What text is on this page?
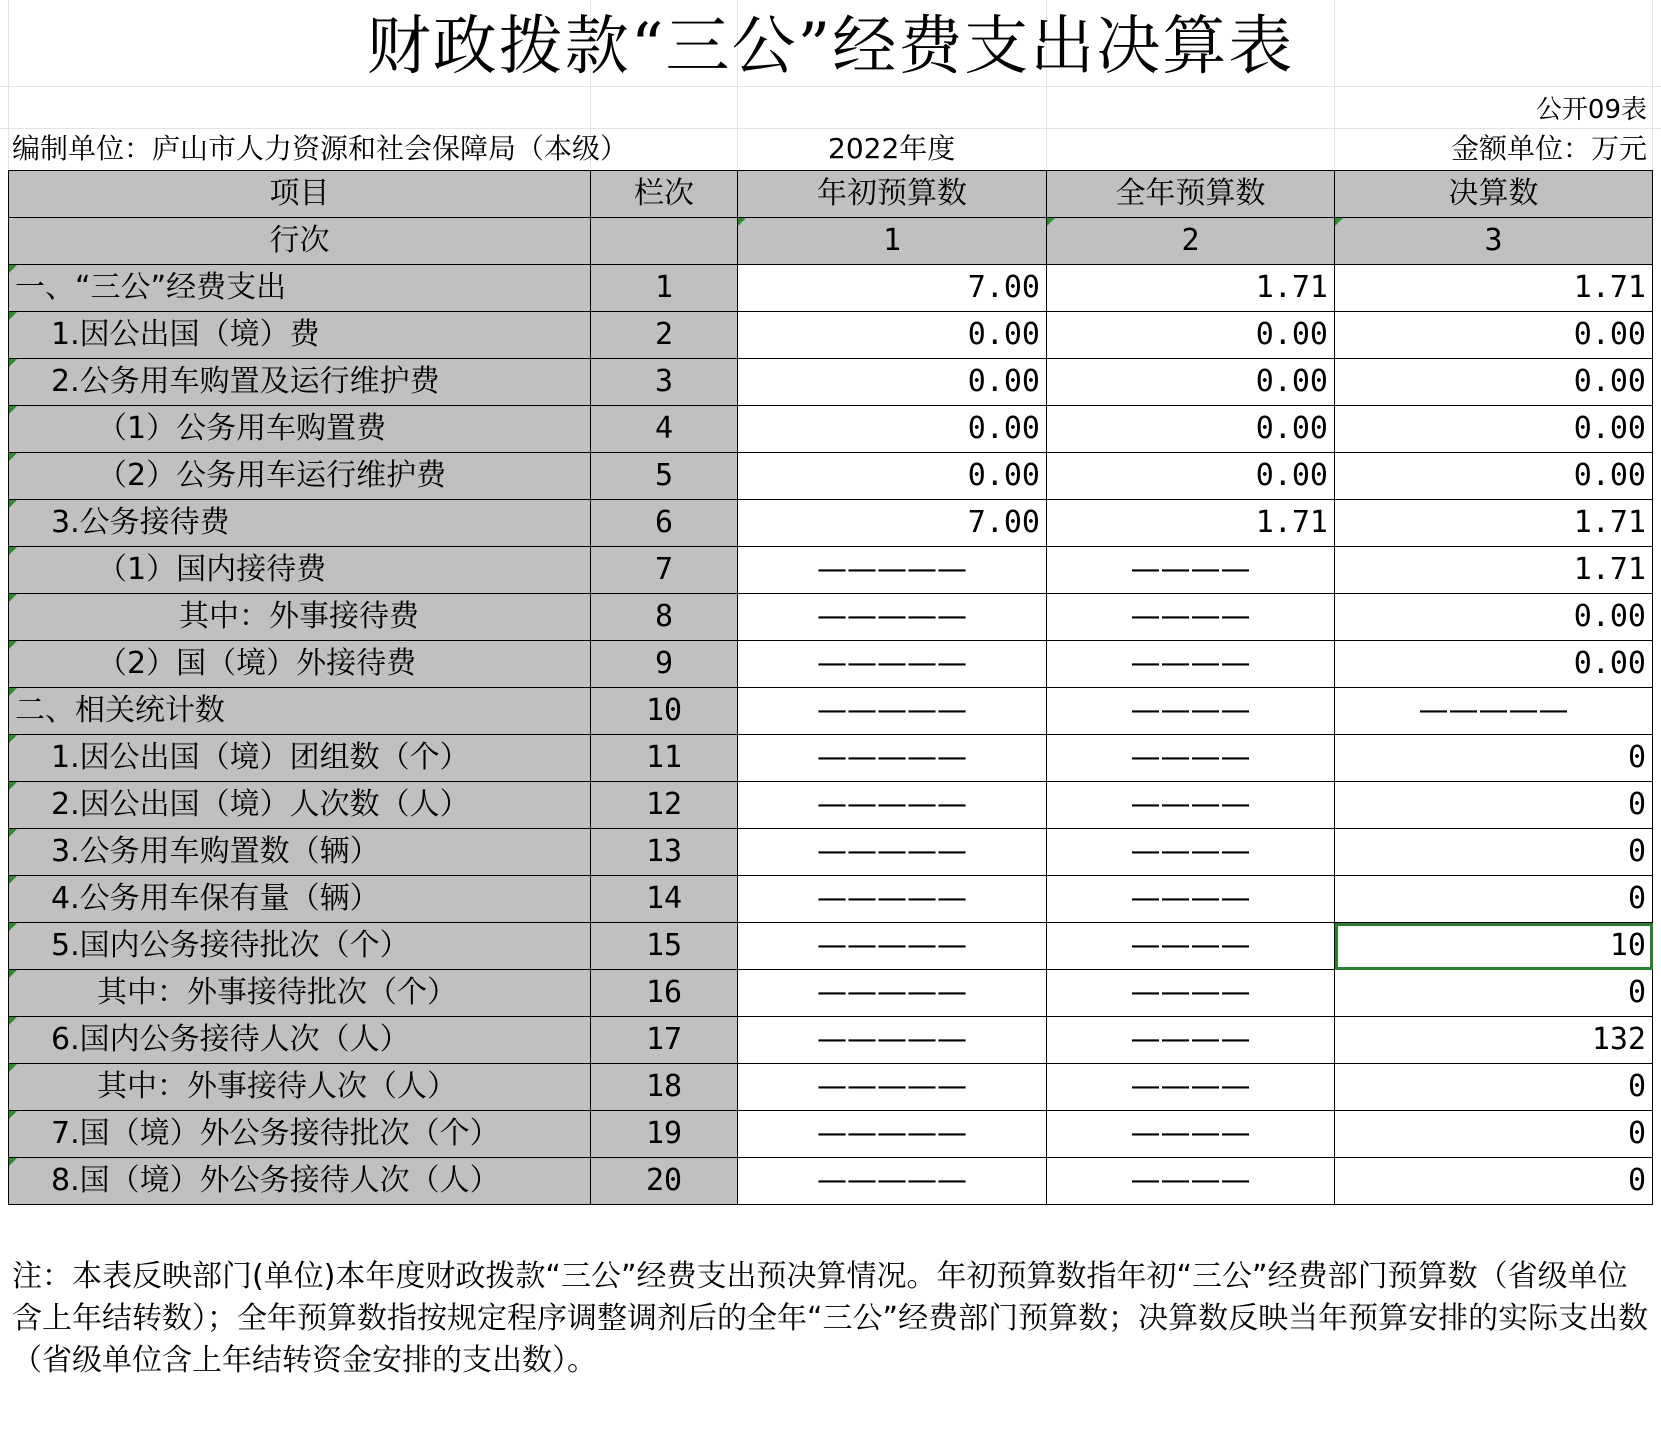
财政拨款“三公”经费支出决算表
公开09表
编制单位：庐山市人力资源和社会保障局（本级）	2022年度	金额单位：万元
项目	栏次	年初预算数	全年预算数	决算数
行次		1	2	3
一、“三公”经费支出	1	7.00	1.71	1.71
1.因公出国（境）费	2	0.00	0.00	0.00
2.公务用车购置及运行维护费	3	0.00	0.00	0.00
（1）公务用车购置费	4	0.00	0.00	0.00
（2）公务用车运行维护费	5	0.00	0.00	0.00
3.公务接待费	6	7.00	1.71	1.71
（1）国内接待费	7	—————	————	1.71
其中：外事接待费	8	—————	————	0.00
（2）国（境）外接待费	9	—————	————	0.00
二、相关统计数	10	—————	————	—————
1.因公出国（境）团组数（个）	11	—————	————	0
2.因公出国（境）人次数（人）	12	—————	————	0
3.公务用车购置数（辆）	13	—————	————	0
4.公务用车保有量（辆）	14	—————	————	0
5.国内公务接待批次（个）	15	—————	————	10
其中：外事接待批次（个）	16	—————	————	0
6.国内公务接待人次（人）	17	—————	————	132
其中：外事接待人次（人）	18	—————	————	0
7.国（境）外公务接待批次（个）	19	—————	————	0
8.国（境）外公务接待人次（人）	20	—————	————	0
注：本表反映部门(单位)本年度财政拨款“三公”经费支出预决算情况。年初预算数指年初“三公”经费部门预算数（省级单位含上年结转数）；全年预算数指按规定程序调整调剂后的全年“三公”经费部门预算数；决算数反映当年预算安排的实际支出数（省级单位含上年结转资金安排的支出数）。
